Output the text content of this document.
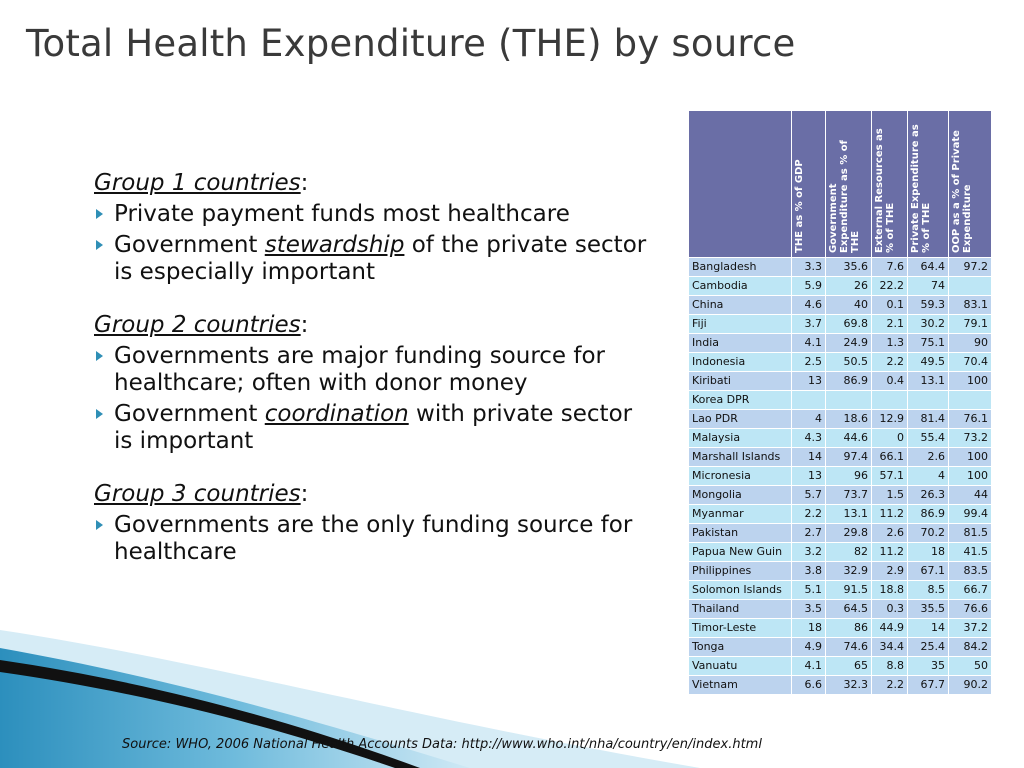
Total Health Expenditure (THE) by source
Group 1 countries:
Private payment funds most healthcare
Government stewardship of the private sector is especially important
Group 2 countries:
Governments are major funding source for healthcare; often with donor money
Government coordination with private sector is important
Group 3 countries:
Governments are the only funding source for healthcare

	THE as % of GDP	Government Expenditure as % of THE	External Resources as % of THE	Private Expenditure as % of THE	OOP as a % of Private Expenditure

Bangladesh	3.3	35.6	7.6	64.4	97.2
Cambodia	5.9	26	22.2	74	
China	4.6	40	0.1	59.3	83.1
Fiji	3.7	69.8	2.1	30.2	79.1
India	4.1	24.9	1.3	75.1	90
Indonesia	2.5	50.5	2.2	49.5	70.4
Kiribati	13	86.9	0.4	13.1	100
Korea DPR					
Lao PDR	4	18.6	12.9	81.4	76.1
Malaysia	4.3	44.6	0	55.4	73.2
Marshall Islands	14	97.4	66.1	2.6	100
Micronesia	13	96	57.1	4	100
Mongolia	5.7	73.7	1.5	26.3	44
Myanmar	2.2	13.1	11.2	86.9	99.4
Pakistan	2.7	29.8	2.6	70.2	81.5
Papua New Guin	3.2	82	11.2	18	41.5
Philippines	3.8	32.9	2.9	67.1	83.5
Solomon Islands	5.1	91.5	18.8	8.5	66.7
Thailand	3.5	64.5	0.3	35.5	76.6
Timor-Leste	18	86	44.9	14	37.2
Tonga	4.9	74.6	34.4	25.4	84.2
Vanuatu	4.1	65	8.8	35	50
Vietnam	6.6	32.3	2.2	67.7	90.2
Source: WHO, 2006 National Health Accounts Data: http://www.who.int/nha/country/en/index.html
